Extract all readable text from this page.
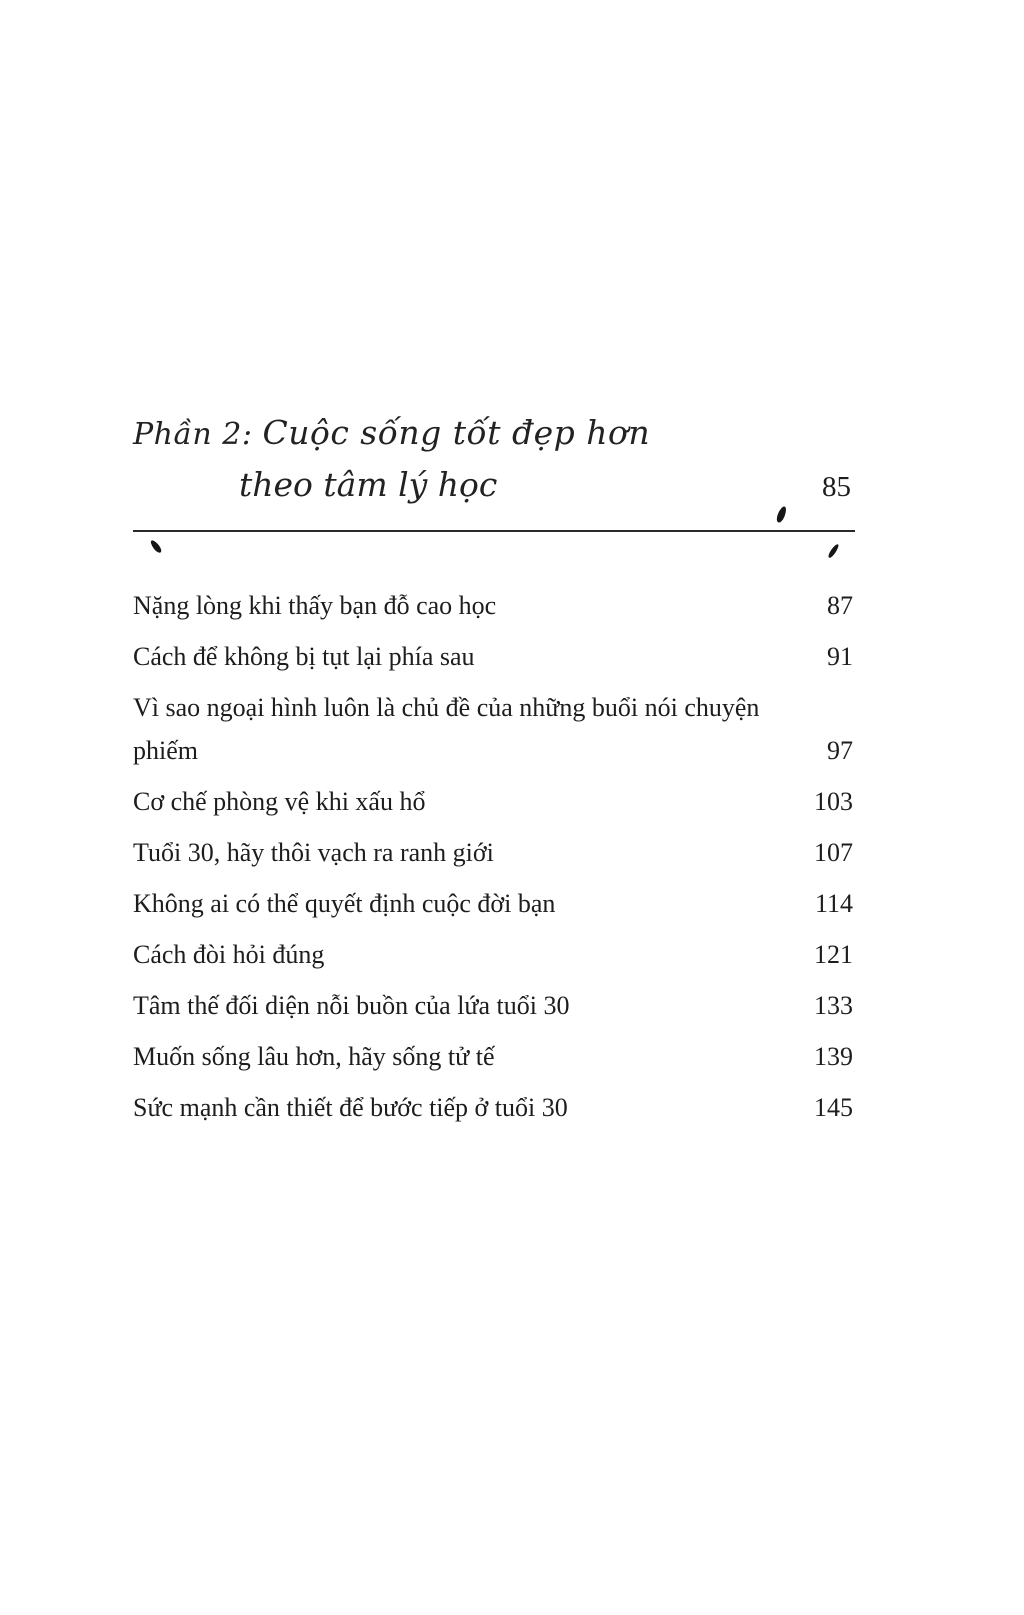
Phần 2: Cuộc sống tốt đẹp hơn
theo tâm lý học	85
Nặng lòng khi thấy bạn đỗ cao học	87
Cách để không bị tụt lại phía sau	91
Vì sao ngoại hình luôn là chủ đề của những buổi nói chuyện phiếm	97
Cơ chế phòng vệ khi xấu hổ	103
Tuổi 30, hãy thôi vạch ra ranh giới	107
Không ai có thể quyết định cuộc đời bạn	114
Cách đòi hỏi đúng	121
Tâm thế đối diện nỗi buồn của lứa tuổi 30	133
Muốn sống lâu hơn, hãy sống tử tế	139
Sức mạnh cần thiết để bước tiếp ở tuổi 30	145
